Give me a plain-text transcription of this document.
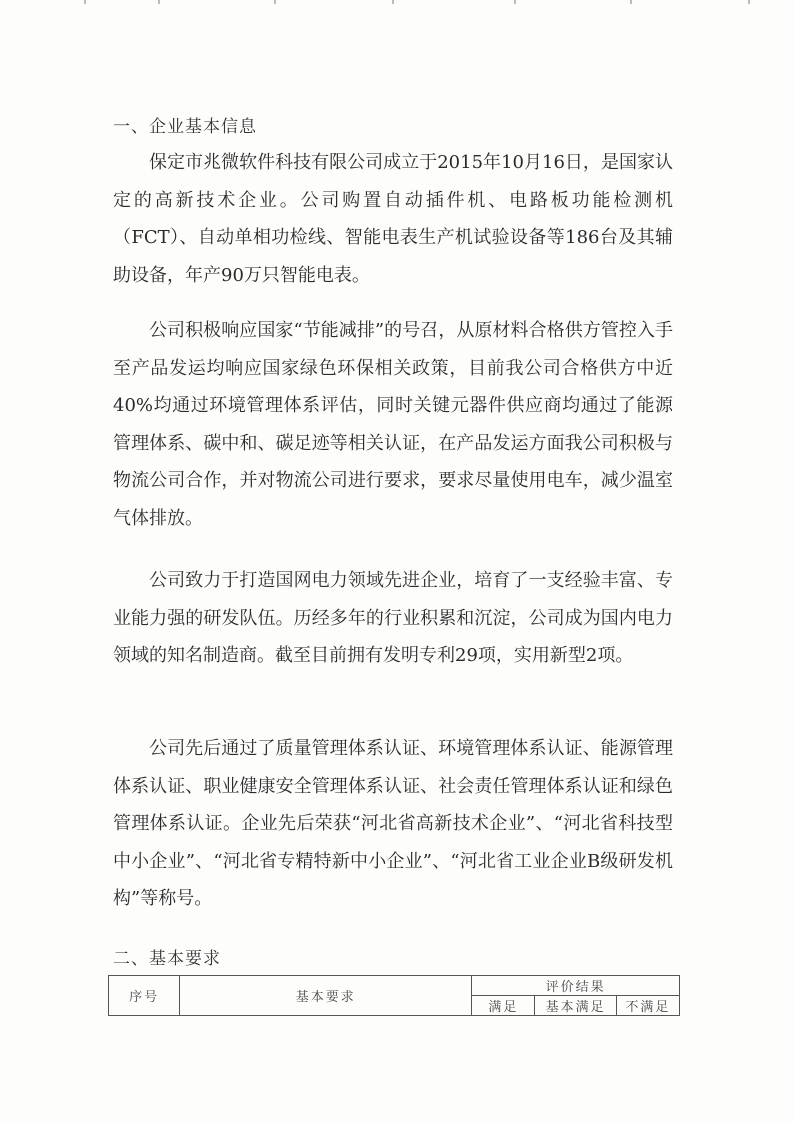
一、企业基本信息
保定市兆微软件科技有限公司成立于2015年10月16日，是国家认定的高新技术企业。公司购置自动插件机、电路板功能检测机（FCT）、自动单相功检线、智能电表生产机试验设备等186台及其辅助设备，年产90万只智能电表。
公司积极响应国家“节能减排”的号召，从原材料合格供方管控入手至产品发运均响应国家绿色环保相关政策，目前我公司合格供方中近40%均通过环境管理体系评估，同时关键元器件供应商均通过了能源管理体系、碳中和、碳足迹等相关认证，在产品发运方面我公司积极与物流公司合作，并对物流公司进行要求，要求尽量使用电车，减少温室气体排放。
公司致力于打造国网电力领域先进企业，培育了一支经验丰富、专业能力强的研发队伍。历经多年的行业积累和沉淀，公司成为国内电力领域的知名制造商。截至目前拥有发明专利29项，实用新型2项。
公司先后通过了质量管理体系认证、环境管理体系认证、能源管理体系认证、职业健康安全管理体系认证、社会责任管理体系认证和绿色管理体系认证。企业先后荣获“河北省高新技术企业”、“河北省科技型中小企业”、“河北省专精特新中小企业”、“河北省工业企业B级研发机构”等称号。
二、基本要求
序号	基本要求	评价结果		
		满足	基本满足	不满足
